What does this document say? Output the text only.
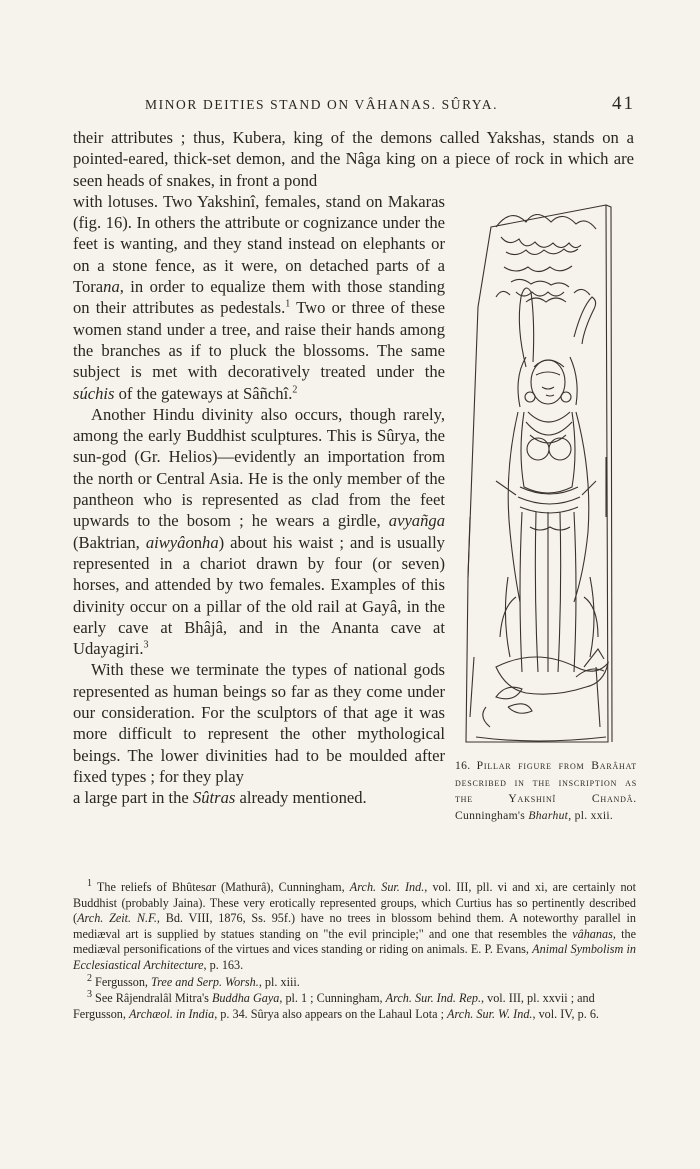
MINOR DEITIES STAND ON VÂHANAS. SÛRYA.	41

their attributes ; thus, Kubera, king of the demons called Yakshas, stands on a pointed-eared, thick-set demon, and the Nâga king on a piece of rock in which are seen heads of snakes, in front a pond

with lotuses. Two Yakshinî, females, stand on Makaras (fig. 16). In others the attribute or cognizance under the feet is wanting, and they stand instead on elephants or on a stone fence, as it were, on detached parts of a Torana, in order to equalize them with those standing on their attributes as pedestals.$^1$ Two or three of these women stand under a tree, and raise their hands among the branches as if to pluck the blossoms. The same subject is met with decoratively treated under the súchis of the gateways at Sâñchî.$^2$

Another Hindu divinity also occurs, though rarely, among the early Buddhist sculptures. This is Sûrya, the sun-god (Gr. Helios)—evidently an importation from the north or Central Asia. He is the only member of the pantheon who is represented as clad from the feet upwards to the bosom ; he wears a girdle, avyañga (Baktrian, aiwyâonha) about his waist ; and is usually represented in a chariot drawn by four (or seven) horses, and attended by two females. Examples of this divinity occur on a pillar of the old rail at Gayâ, in the early cave at Bhâjâ, and in the Ananta cave at Udayagiri.$^3$

With these we terminate the types of national gods represented as human beings so far as they come under our consideration. For the sculptors of that age it was more difficult to represent the other mythological beings. The lower divinities had to be moulded after fixed types ; for they play

a large part in the Sûtras already mentioned.

16. Pillar figure from Barâhat described in the inscription as the Yakshinî Chandâ. Cunningham's Bharhut, pl. xxii.

$^1$ The reliefs of Bhûtesar (Mathurâ), Cunningham, Arch. Sur. Ind., vol. III, pll. vi and xi, are certainly not Buddhist (probably Jaina). These very erotically represented groups, which Curtius has so pertinently described (Arch. Zeit. N.F., Bd. VIII, 1876, Ss. 95f.) have no trees in blossom behind them. A noteworthy parallel in mediæval art is supplied by statues standing on "the evil principle;" and one that resembles the vâhanas, the mediæval personifications of the virtues and vices standing or riding on animals. E. P. Evans, Animal Symbolism in Ecclesiastical Architecture, p. 163.

$^2$ Fergusson, Tree and Serp. Worsh., pl. xiii.

$^3$ See Râjendralâl Mitra's Buddha Gaya, pl. 1 ; Cunningham, Arch. Sur. Ind. Rep., vol. III, pl. xxvii ; and Fergusson, Archæol. in India, p. 34. Sûrya also appears on the Lahaul Lota ; Arch. Sur. W. Ind., vol. IV, p. 6.
